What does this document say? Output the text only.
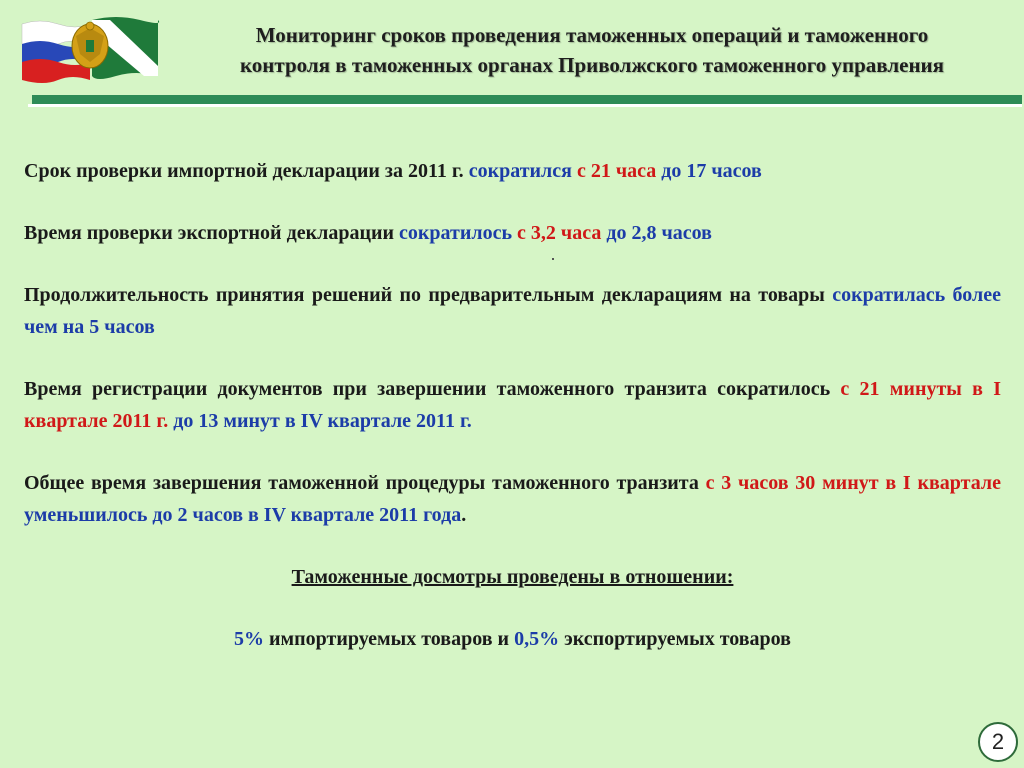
Мониторинг сроков проведения таможенных операций и таможенного
контроля в таможенных органах Приволжского таможенного управления

Срок проверки импортной декларации за 2011 г. сократился с 21 часа до 17 часов

Время проверки экспортной декларации сократилось с 3,2 часа до 2,8 часов

Продолжительность принятия решений по предварительным декларациям на товары сократилась более чем на 5 часов

Время регистрации документов при завершении таможенного транзита сократилось с 21 минуты в I квартале 2011 г. до 13 минут в IV квартале 2011 г.

Общее время завершения таможенной процедуры таможенного транзита с 3 часов 30 минут в I квартале уменьшилось до 2 часов в IV квартале 2011 года.

Таможенные досмотры проведены в отношении:

5% импортируемых товаров и 0,5% экспортируемых товаров

2
